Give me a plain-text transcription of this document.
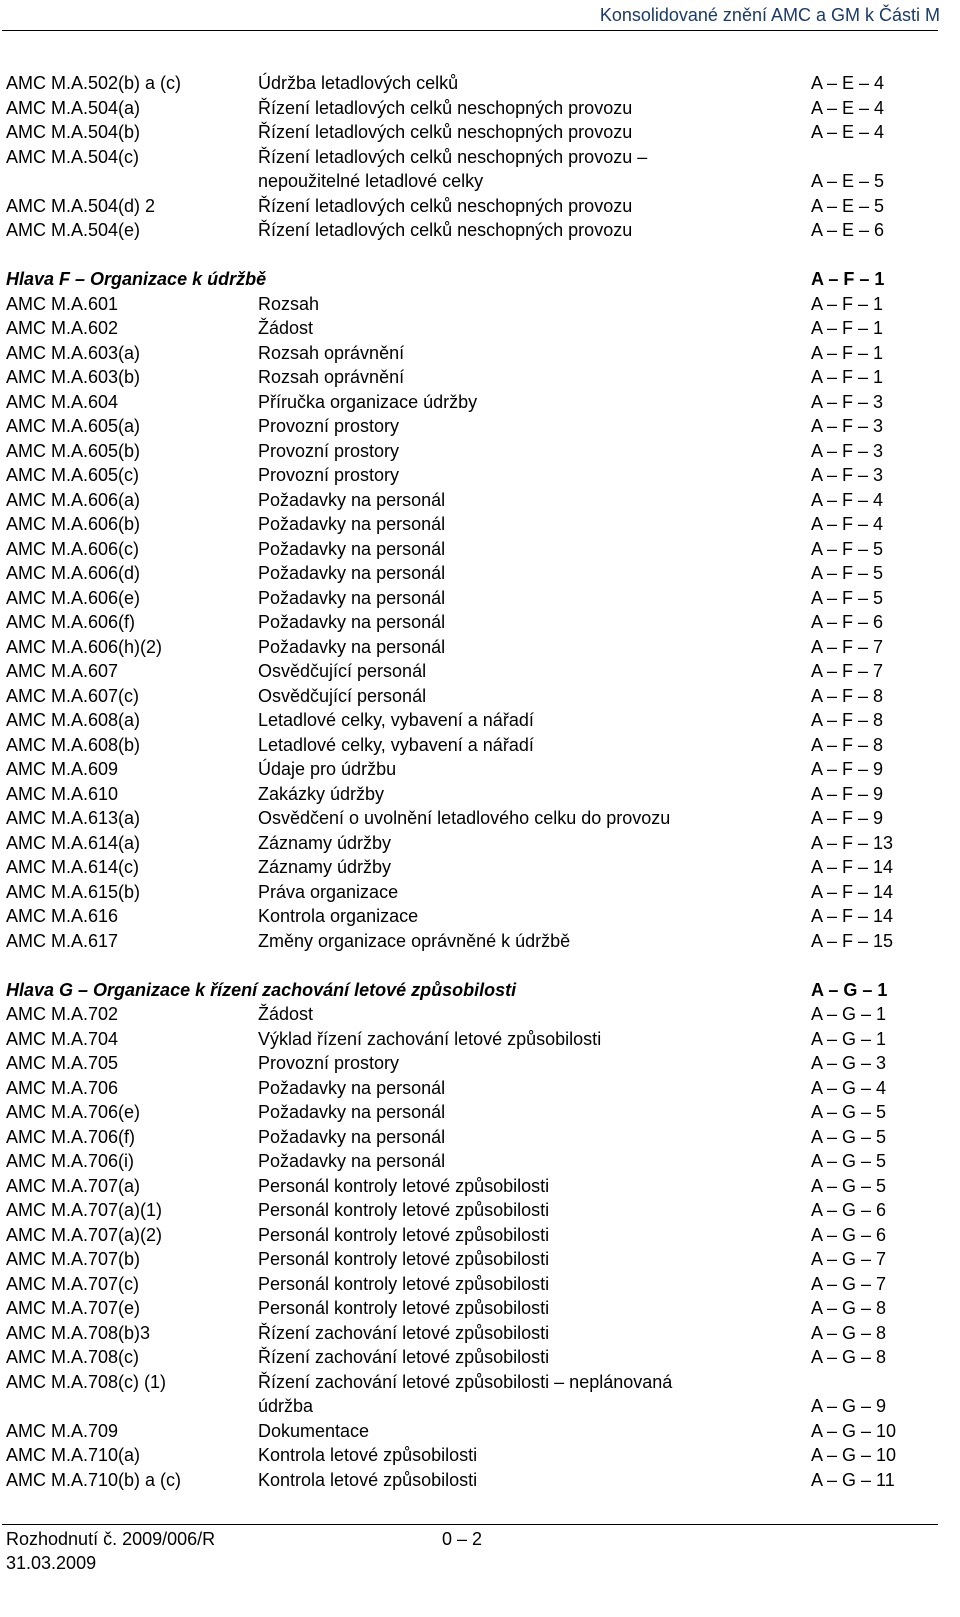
Konsolidované znění AMC a GM k Části M
AMC M.A.502(b) a (c)	Údržba letadlových celků	A – E – 4
AMC M.A.504(a)	Řízení letadlových celků neschopných provozu	A – E – 4
AMC M.A.504(b)	Řízení letadlových celků neschopných provozu	A – E – 4
AMC M.A.504(c)	Řízení letadlových celků neschopných provozu –
nepoužitelné letadlové celky	A – E – 5
AMC M.A.504(d) 2	Řízení letadlových celků neschopných provozu	A – E – 5
AMC M.A.504(e)	Řízení letadlových celků neschopných provozu	A – E – 6
Hlava F – Organizace k údržbě	A – F – 1
AMC M.A.601	Rozsah	A – F – 1
AMC M.A.602	Žádost	A – F – 1
AMC M.A.603(a)	Rozsah oprávnění	A – F – 1
AMC M.A.603(b)	Rozsah oprávnění	A – F – 1
AMC M.A.604	Příručka organizace údržby	A – F – 3
AMC M.A.605(a)	Provozní prostory	A – F – 3
AMC M.A.605(b)	Provozní prostory	A – F – 3
AMC M.A.605(c)	Provozní prostory	A – F – 3
AMC M.A.606(a)	Požadavky na personál	A – F – 4
AMC M.A.606(b)	Požadavky na personál	A – F – 4
AMC M.A.606(c)	Požadavky na personál	A – F – 5
AMC M.A.606(d)	Požadavky na personál	A – F – 5
AMC M.A.606(e)	Požadavky na personál	A – F – 5
AMC M.A.606(f)	Požadavky na personál	A – F – 6
AMC M.A.606(h)(2)	Požadavky na personál	A – F – 7
AMC M.A.607	Osvědčující personál	A – F – 7
AMC M.A.607(c)	Osvědčující personál	A – F – 8
AMC M.A.608(a)	Letadlové celky, vybavení a nářadí	A – F – 8
AMC M.A.608(b)	Letadlové celky, vybavení a nářadí	A – F – 8
AMC M.A.609	Údaje pro údržbu	A – F – 9
AMC M.A.610	Zakázky údržby	A – F – 9
AMC M.A.613(a)	Osvědčení o uvolnění letadlového celku do provozu	A – F – 9
AMC M.A.614(a)	Záznamy údržby	A – F – 13
AMC M.A.614(c)	Záznamy údržby	A – F – 14
AMC M.A.615(b)	Práva organizace	A – F – 14
AMC M.A.616	Kontrola organizace	A – F – 14
AMC M.A.617	Změny organizace oprávněné k údržbě	A – F – 15
Hlava G – Organizace k řízení zachování letové způsobilosti	A – G – 1
AMC M.A.702	Žádost	A – G – 1
AMC M.A.704	Výklad řízení zachování letové způsobilosti	A – G – 1
AMC M.A.705	Provozní prostory	A – G – 3
AMC M.A.706	Požadavky na personál	A – G – 4
AMC M.A.706(e)	Požadavky na personál	A – G – 5
AMC M.A.706(f)	Požadavky na personál	A – G – 5
AMC M.A.706(i)	Požadavky na personál	A – G – 5
AMC M.A.707(a)	Personál kontroly letové způsobilosti	A – G – 5
AMC M.A.707(a)(1)	Personál kontroly letové způsobilosti	A – G – 6
AMC M.A.707(a)(2)	Personál kontroly letové způsobilosti	A – G – 6
AMC M.A.707(b)	Personál kontroly letové způsobilosti	A – G – 7
AMC M.A.707(c)	Personál kontroly letové způsobilosti	A – G – 7
AMC M.A.707(e)	Personál kontroly letové způsobilosti	A – G – 8
AMC M.A.708(b)3	Řízení zachování letové způsobilosti	A – G – 8
AMC M.A.708(c)	Řízení zachování letové způsobilosti	A – G – 8
AMC M.A.708(c) (1)	Řízení zachování letové způsobilosti – neplánovaná
údržba	A – G – 9
AMC M.A.709	Dokumentace	A – G – 10
AMC M.A.710(a)	Kontrola letové způsobilosti	A – G – 10
AMC M.A.710(b) a (c)	Kontrola letové způsobilosti	A – G – 11
Rozhodnutí č. 2009/006/R
31.03.2009
0 – 2
